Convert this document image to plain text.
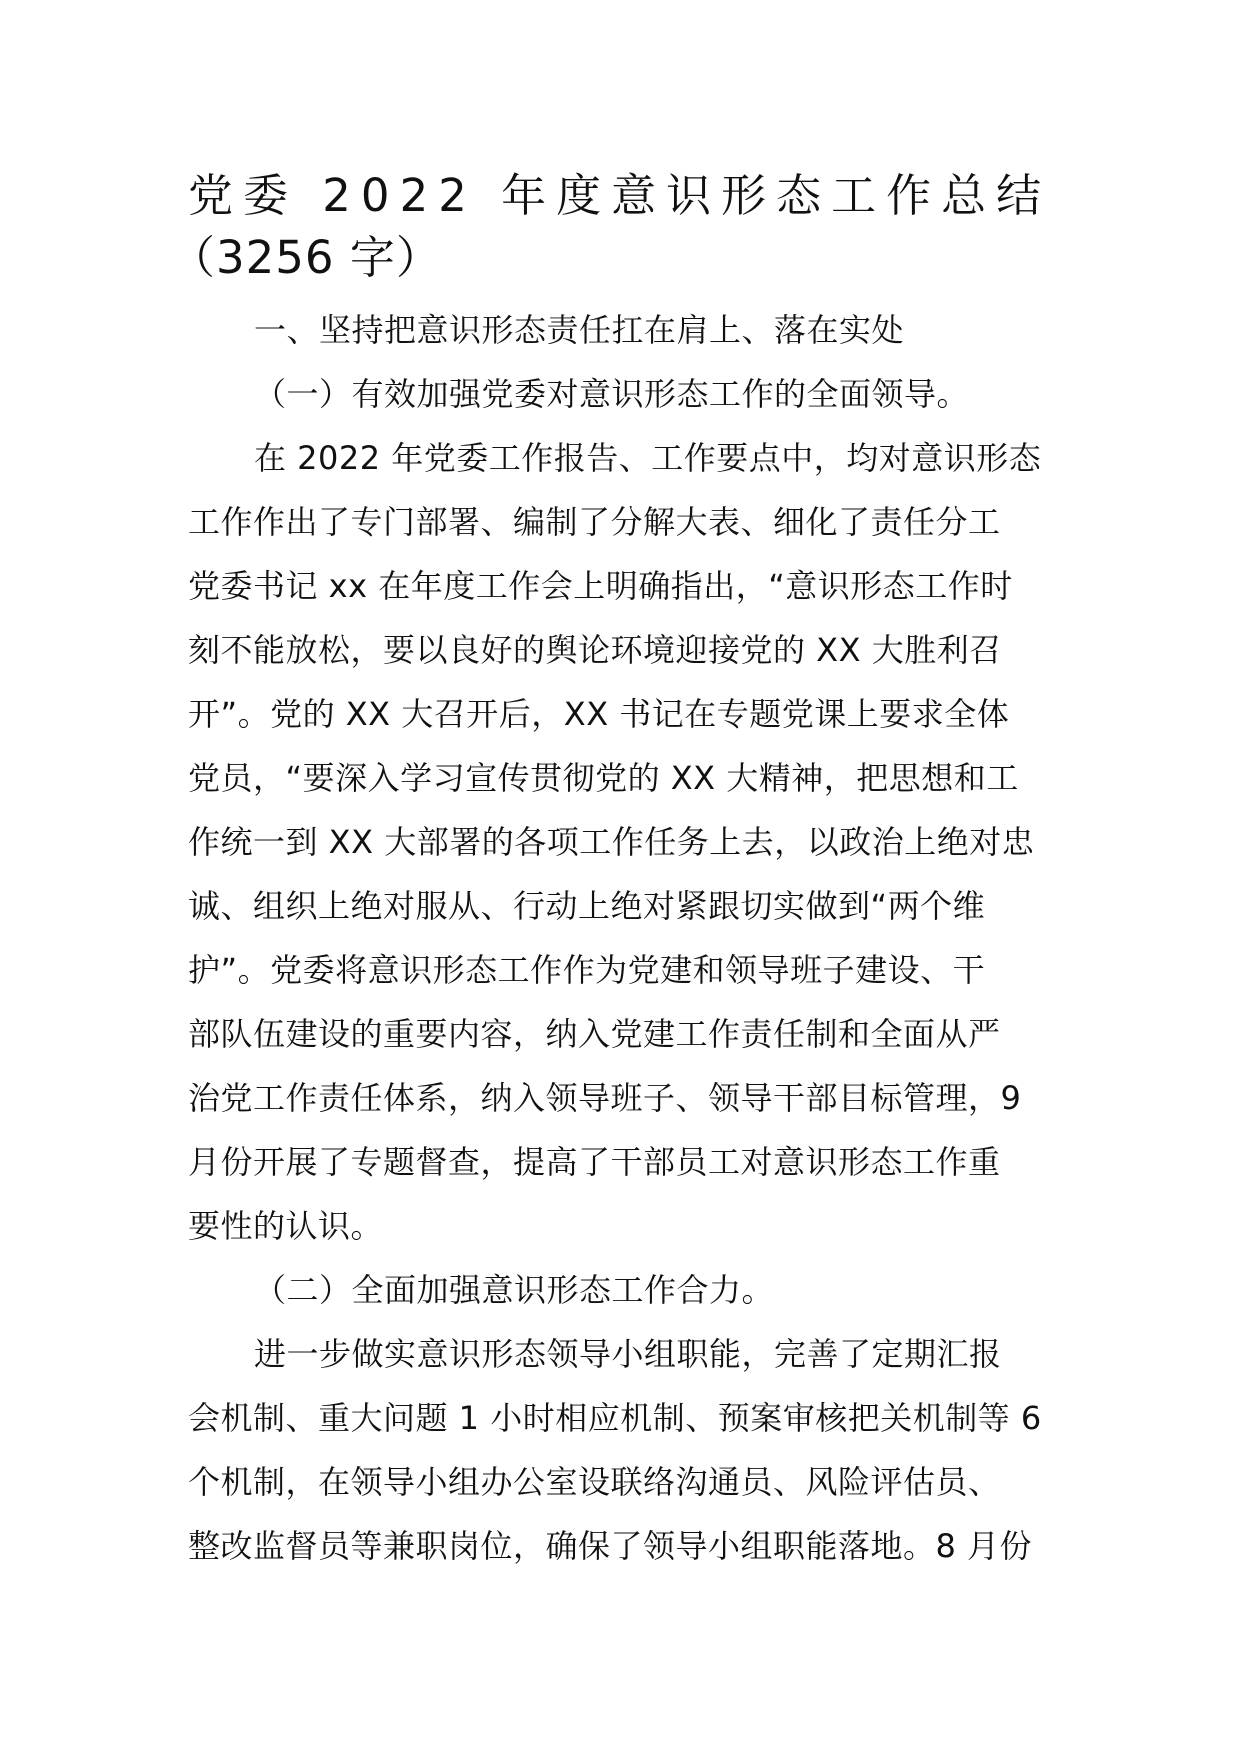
党委 2022 年度意识形态工作总结
（3256 字）
一、坚持把意识形态责任扛在肩上、落在实处
（一）有效加强党委对意识形态工作的全面领导。
在 2022 年党委工作报告、工作要点中，均对意识形态
工作作出了专门部署、编制了分解大表、细化了责任分工
党委书记 xx 在年度工作会上明确指出，“意识形态工作时
刻不能放松，要以良好的舆论环境迎接党的 XX 大胜利召
开”。党的 XX 大召开后，XX 书记在专题党课上要求全体
党员，“要深入学习宣传贯彻党的 XX 大精神，把思想和工
作统一到 XX 大部署的各项工作任务上去，以政治上绝对忠
诚、组织上绝对服从、行动上绝对紧跟切实做到“两个维
护”。党委将意识形态工作作为党建和领导班子建设、干
部队伍建设的重要内容，纳入党建工作责任制和全面从严
治党工作责任体系，纳入领导班子、领导干部目标管理，9
月份开展了专题督查，提高了干部员工对意识形态工作重
要性的认识。
（二）全面加强意识形态工作合力。
进一步做实意识形态领导小组职能，完善了定期汇报
会机制、重大问题 1 小时相应机制、预案审核把关机制等 6
个机制，在领导小组办公室设联络沟通员、风险评估员、
整改监督员等兼职岗位，确保了领导小组职能落地。8 月份
